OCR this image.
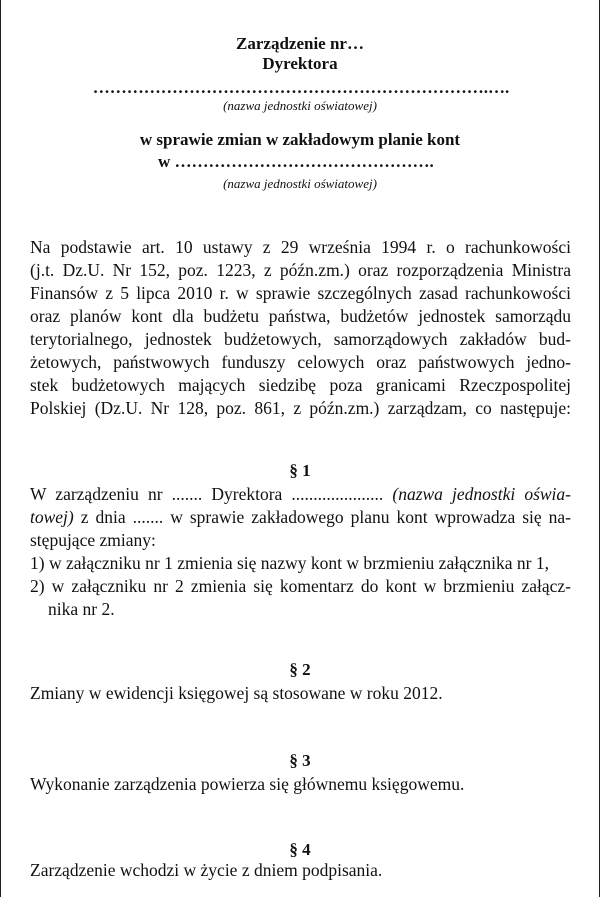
Zarządzenie nr…
Dyrektora
…………………………………………………………….….
(nazwa jednostki oświatowej)
w sprawie zmian w zakładowym planie kont
w ……………………………………….
(nazwa jednostki oświatowej)
Na podstawie art. 10 ustawy z 29 września 1994 r. o rachunkowości
(j.t. Dz.U. Nr 152, poz. 1223, z późn.zm.) oraz rozporządzenia Ministra
Finansów z 5 lipca 2010 r. w sprawie szczególnych zasad rachunkowości
oraz planów kont dla budżetu państwa, budżetów jednostek samorządu
terytorialnego, jednostek budżetowych, samorządowych zakładów bud-
żetowych, państwowych funduszy celowych oraz państwowych jedno-
stek budżetowych mających siedzibę poza granicami Rzeczpospolitej
Polskiej (Dz.U. Nr 128, poz. 861, z późn.zm.) zarządzam, co następuje:
§ 1
W zarządzeniu nr ....... Dyrektora ..................... (nazwa jednostki oświa-
towej) z dnia ....... w sprawie zakładowego planu kont wprowadza się na-
stępujące zmiany:
1) w załączniku nr 1 zmienia się nazwy kont w brzmieniu załącznika nr 1,
2) w załączniku nr 2 zmienia się komentarz do kont w brzmieniu załącz-
nika nr 2.
§ 2
Zmiany w ewidencji księgowej są stosowane w roku 2012.
§ 3
Wykonanie zarządzenia powierza się głównemu księgowemu.
§ 4
Zarządzenie wchodzi w życie z dniem podpisania.
